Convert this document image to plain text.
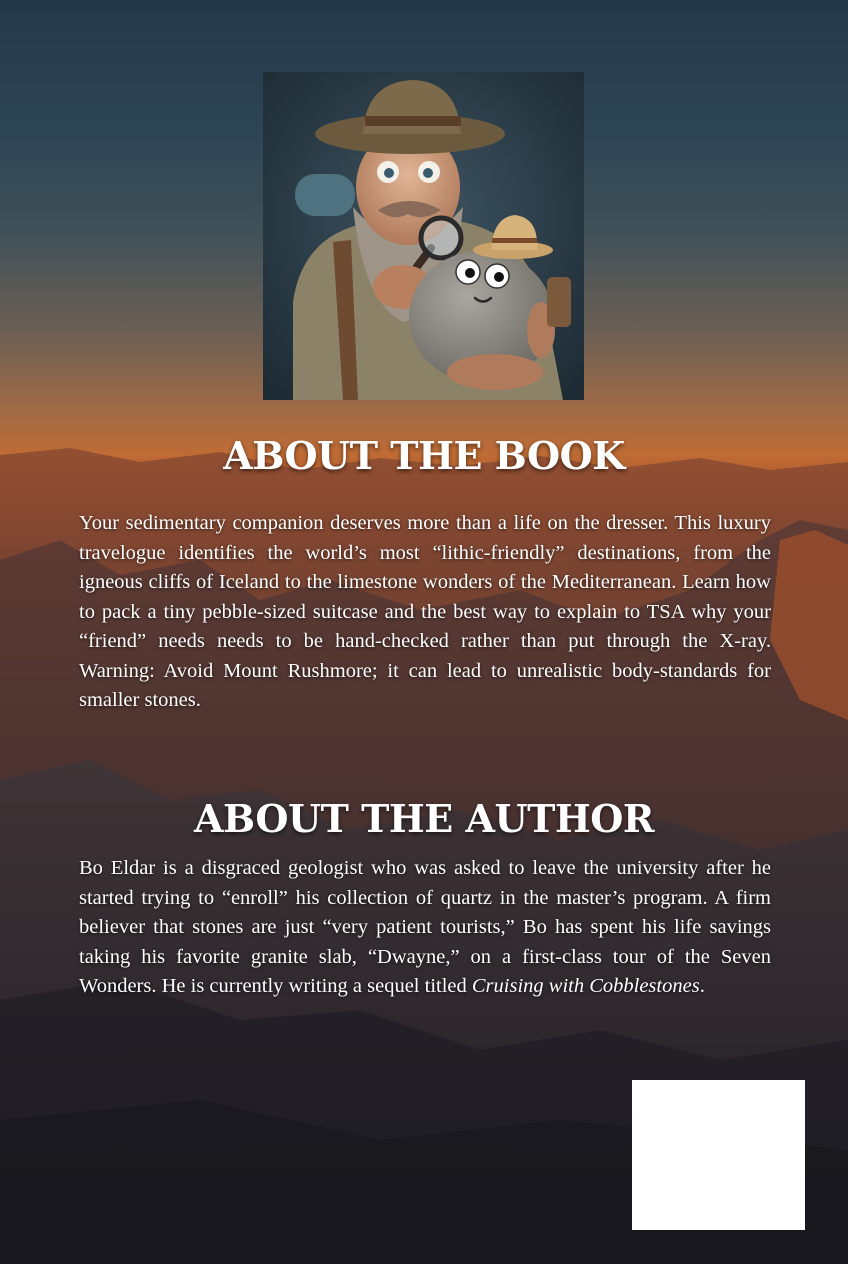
ABOUT THE BOOK

Your sedimentary companion deserves more than a life on the dresser. This luxury travelogue identifies the world’s most “lithic-friendly” destinations, from the igneous cliffs of Iceland to the limestone wonders of the Mediterranean. Learn how to pack a tiny pebble-sized suitcase and the best way to explain to TSA why your “friend” needs needs to be hand-checked rather than put through the X-ray. Warning: Avoid Mount Rushmore; it can lead to unrealistic body-standards for smaller stones.

ABOUT THE AUTHOR

Bo Eldar is a disgraced geologist who was asked to leave the university after he started trying to “enroll” his collection of quartz in the master’s program. A firm believer that stones are just “very patient tourists,” Bo has spent his life savings taking his favorite granite slab, “Dwayne,” on a first-class tour of the Seven Wonders. He is currently writing a sequel titled Cruising with Cobblestones.
